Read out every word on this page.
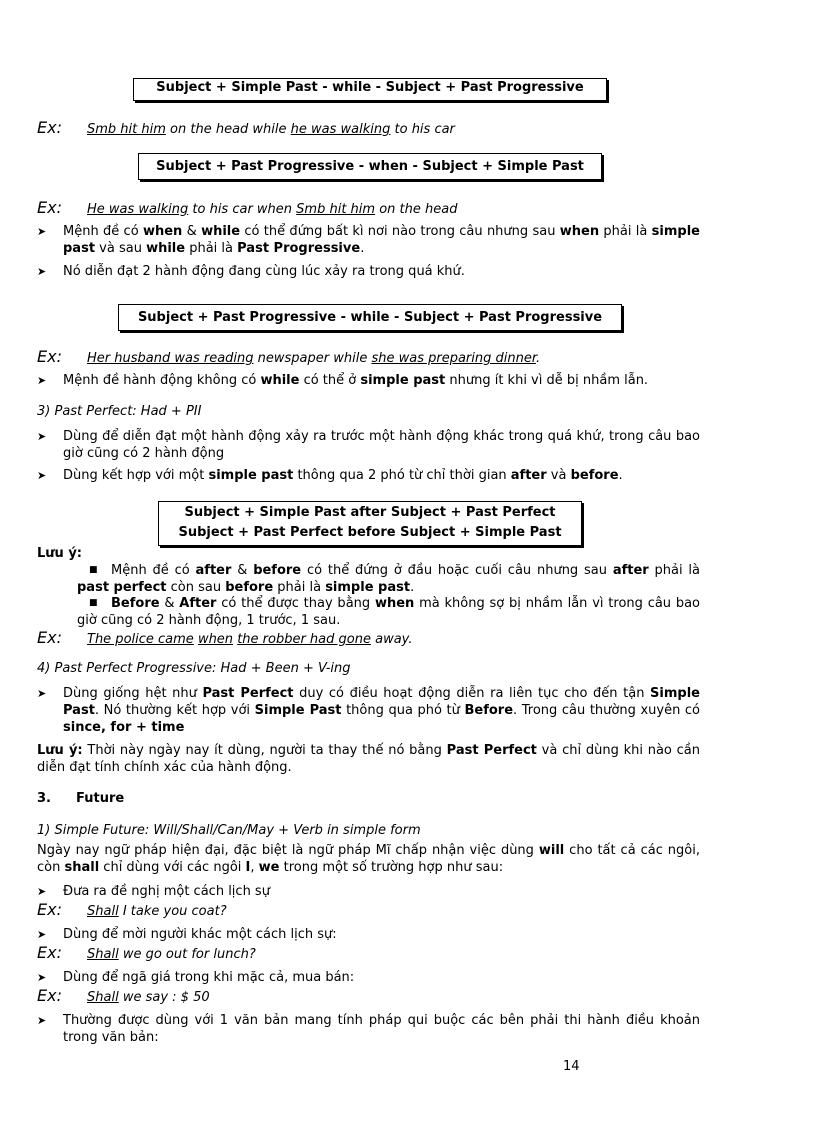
Subject + Simple Past - while - Subject + Past Progressive
Ex: Smb hit him on the head while he was walking to his car
Subject + Past Progressive - when - Subject + Simple Past
Ex: He was walking to his car when Smb hit him on the head
➤ Mệnh đề có when & while có thể đứng bất kì nơi nào trong câu nhưng sau when phải là simple past và sau while phải là Past Progressive.
➤ Nó diễn đạt 2 hành động đang cùng lúc xảy ra trong quá khứ.
Subject + Past Progressive - while - Subject + Past Progressive
Ex: Her husband was reading newspaper while she was preparing dinner.
➤ Mệnh đề hành động không có while có thể ở simple past nhưng ít khi vì dễ bị nhầm lẫn.
3) Past Perfect: Had + PII
➤ Dùng để diễn đạt một hành động xảy ra trước một hành động khác trong quá khứ, trong câu bao giờ cũng có 2 hành động
➤ Dùng kết hợp với một simple past thông qua 2 phó từ chỉ thời gian after và before.
Subject + Simple Past after Subject + Past Perfect
Subject + Past Perfect before Subject + Simple Past
Lưu ý:
■ Mệnh đề có after & before có thể đứng ở đầu hoặc cuối câu nhưng sau after phải là past perfect còn sau before phải là simple past.
■ Before & After có thể được thay bằng when mà không sợ bị nhầm lẫn vì trong câu bao giờ cũng có 2 hành động, 1 trước, 1 sau.
Ex: The police came when the robber had gone away.
4) Past Perfect Progressive: Had + Been + V-ing
➤ Dùng giống hệt như Past Perfect duy có điều hoạt động diễn ra liên tục cho đến tận Simple Past. Nó thường kết hợp với Simple Past thông qua phó từ Before. Trong câu thường xuyên có since, for + time
Lưu ý: Thời này ngày nay ít dùng, người ta thay thế nó bằng Past Perfect và chỉ dùng khi nào cần diễn đạt tính chính xác của hành động.
3. Future
1) Simple Future: Will/Shall/Can/May + Verb in simple form
Ngày nay ngữ pháp hiện đại, đặc biệt là ngữ pháp Mĩ chấp nhận việc dùng will cho tất cả các ngôi, còn shall chỉ dùng với các ngôi I, we trong một số trường hợp như sau:
➤ Đưa ra đề nghị một cách lịch sự
Ex: Shall I take you coat?
➤ Dùng để mời người khác một cách lịch sự:
Ex: Shall we go out for lunch?
➤ Dùng để ngã giá trong khi mặc cả, mua bán:
Ex: Shall we say : $ 50
➤ Thường được dùng với 1 văn bản mang tính pháp qui buộc các bên phải thi hành điều khoản trong văn bản:
14
